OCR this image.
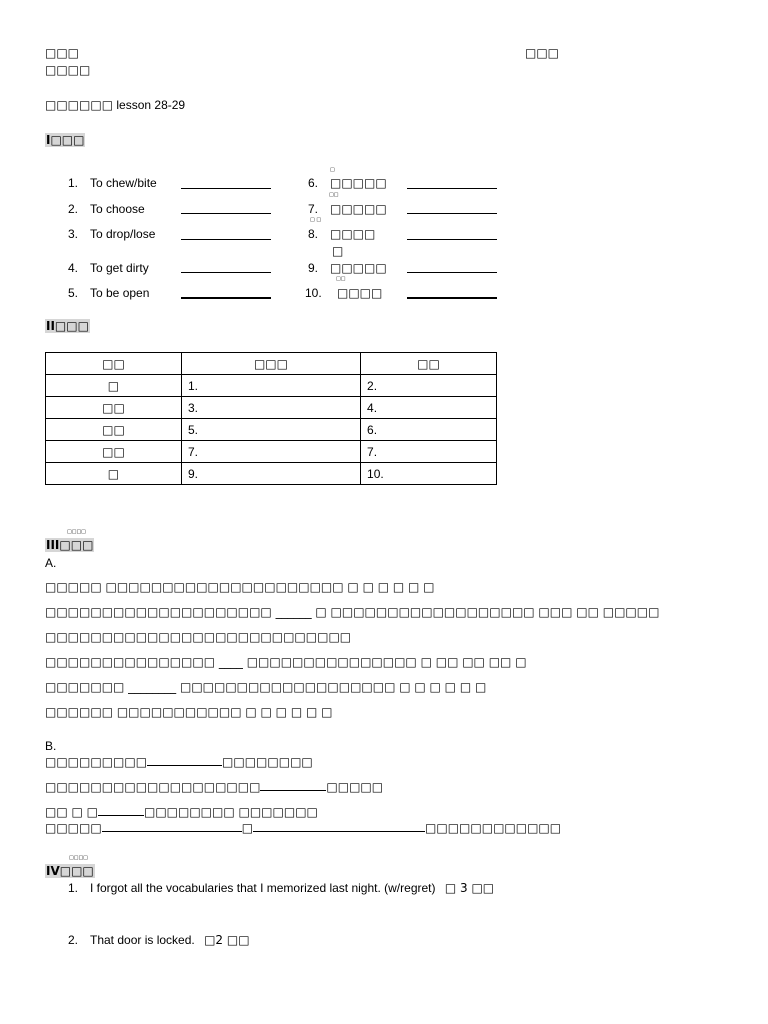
□□□
□□□□
□□□
□□□□□□ lesson 28-29
I□□□
1. To chew/bite
2. To choose
3. To drop/lose
4. To get dirty
5. To be open
□
6. □□□□□
□□
7. □□□□□
□ □
8. □□□□
□
9. □□□□□
□□
10. □□□□
II□□□
□□	□□□	□□
□	1.	2.
□□	3.	4.
□□	5.	6.
□□	7.	7.
□	9.	10.
□□□□
III□□□
A.
□□□□□ □□□□□□□□□□□□□□□□□□□□□ □ □ □ □ □ □
□□□□□□□□□□□□□□□□□□□□ ______ □ □□□□□□□□□□□□□□□□□□ □□□ □□ □□□□□
□□□□□□□□□□□□□□□□□□□□□□□□□□□
□□□□□□□□□□□□□□□ ____ □□□□□□□□□□□□□□□ □ □□ □□ □□ □
□□□□□□□ ________ □□□□□□□□□□□□□□□□□□□ □ □ □ □ □ □
□□□□□□ □□□□□□□□□□□ □ □ □ □ □ □
B.
□□□□□□□□□	□□□□□□□□
□□□□□□□□□□□□□□□□□□□	□□□□□
□□ □ □	□□□□□□□□ □□□□□□□
□□□□□	□	□□□□□□□□□□□□
□□□□
IV□□□
1. I forgot all the vocabularies that I memorized last night. (w/regret) □ 3 □□
2. That door is locked. □2 □□
